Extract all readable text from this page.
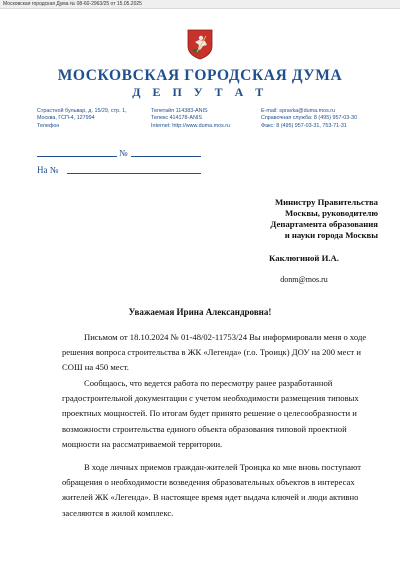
Московская городская Дума № 08-60-2963/25 от 15.05.2025
МОСКОВСКАЯ ГОРОДСКАЯ ДУМА
Д Е П У Т А Т
Страстной бульвар, д. 15/29, стр. 1,
Москва, ГСП-4, 127994
Телефон
Телетайп 114383-ANIS
Телекс 414178-ANIS
Internet: http://www.duma.mos.ru
E-mail: spravka@duma.mos.ru
Справочная служба: 8 (495) 957-03-30
Факс: 8 (495) 957-03-31, 753-71-31
№
На №
Министру Правительства
Москвы, руководителю
Департамента образования
и науки города Москвы
Каклюгиной И.А.
donm@mos.ru
Уважаемая Ирина Александровна!
Письмом от 18.10.2024 № 01-48/02-11753/24 Вы информировали меня о ходе
решения вопроса строительства в ЖК «Легенда» (г.о. Троицк) ДОУ на 200 мест и
СОШ на 450 мест.
Сообщаось, что ведется работа по пересмотру ранее разработанной
градостроительной документации с учетом необходимости размещения типовых
проектных мощностей. По итогам будет принято решение о целесообразности и
возможности строительства единого объекта образования типовой проектной
мощности на рассматриваемой территории.
В ходе личных приемов граждан-жителей Троицка ко мне вновь поступают
обращения о необходимости возведения образовательных объектов в интересах
жителей ЖК «Легенда». В настоящее время идет выдача ключей и люди активно
заселяются в жилой комплекс.
